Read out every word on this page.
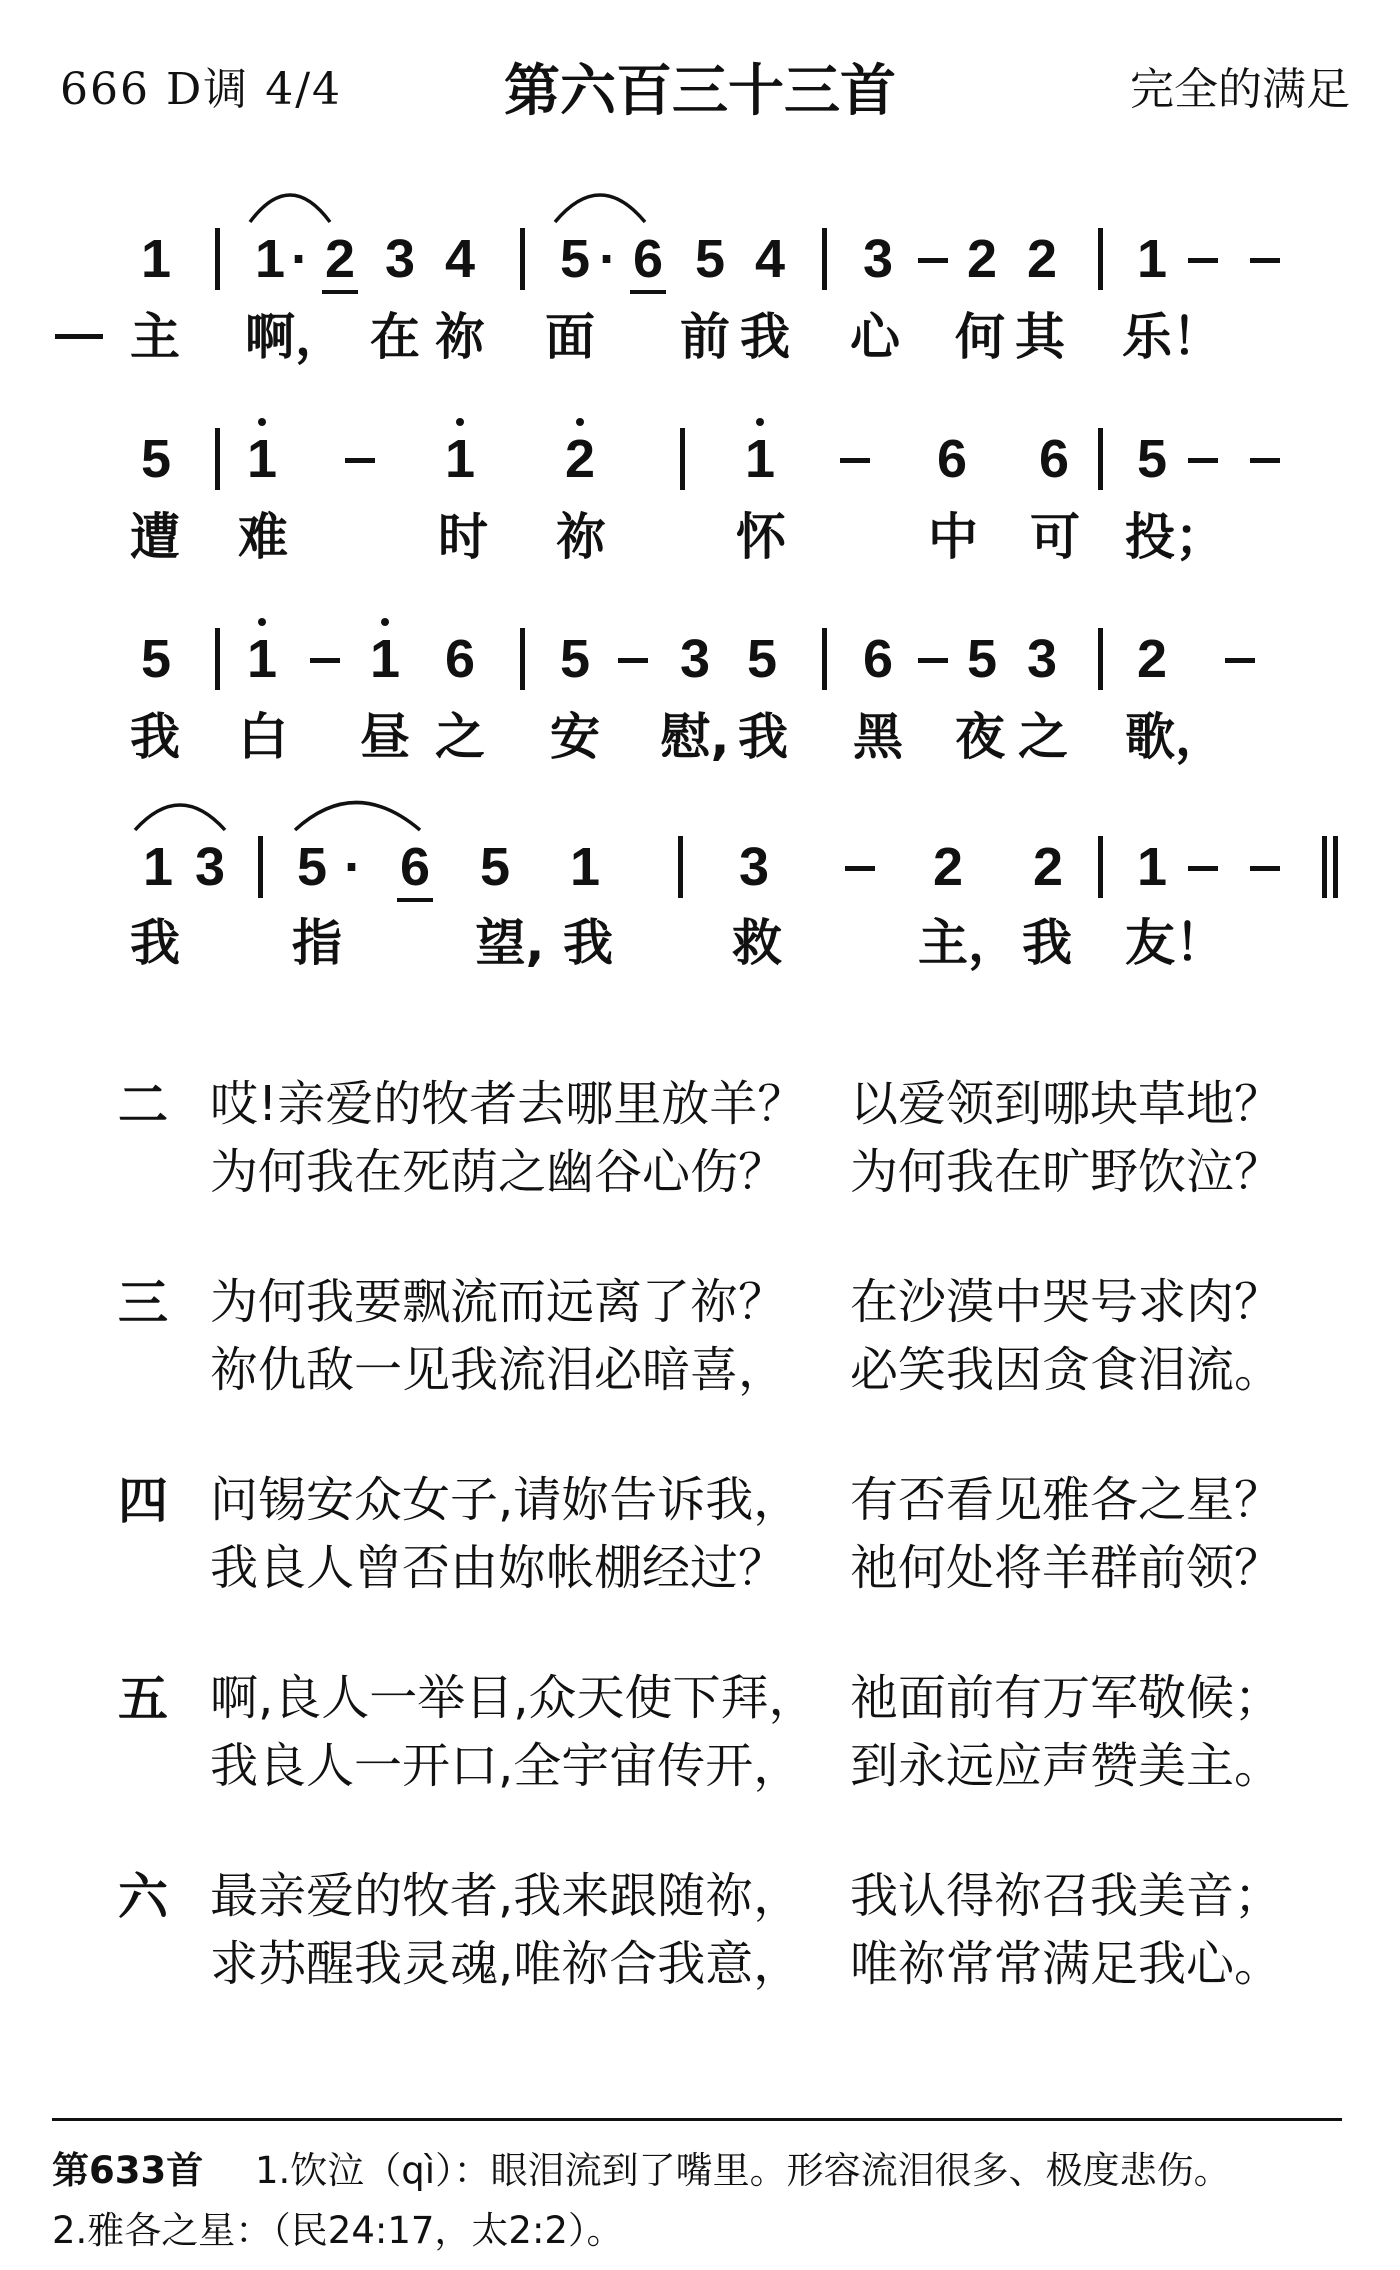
666 D调 4/4	第六百三十三首	完全的满足
1 1 · 2 3 4 5 · 6 5 4 3 2 2 1
主 啊， 在 祢 面 前 我 心 何 其 乐！
5 1	1 2	1	6 6 5
遭 难	时 祢	怀	中 可 投；
5 1 1 6 5 3 5 6 5 3 2
我 白 昼 之 安 慰, 我 黑 夜 之 歌，
1 3 5 · 6 5 1	3	2 2 1
我 指	望, 我 救	主， 我 友！
二 哎!亲爱的牧者去哪里放羊？ 以爱领到哪块草地？
为何我在死荫之幽谷心伤？ 为何我在旷野饮泣？
三 为何我要飘流而远离了祢？ 在沙漠中哭号求肉？
祢仇敌一见我流泪必暗喜， 必笑我因贪食泪流。
四 问锡安众女子,请妳告诉我， 有否看见雅各之星？
我良人曾否由妳帐棚经过？ 祂何处将羊群前领？
五 啊,良人一举目,众天使下拜， 祂面前有万军敬候；
我良人一开口,全宇宙传开， 到永远应声赞美主。
六 最亲爱的牧者,我来跟随祢， 我认得祢召我美音；
求苏醒我灵魂,唯祢合我意， 唯祢常常满足我心。
第633首 1.饮泣（qì）：眼泪流到了嘴里。形容流泪很多、极度悲伤。
2.雅各之星：（民24:17，太2:2）。
